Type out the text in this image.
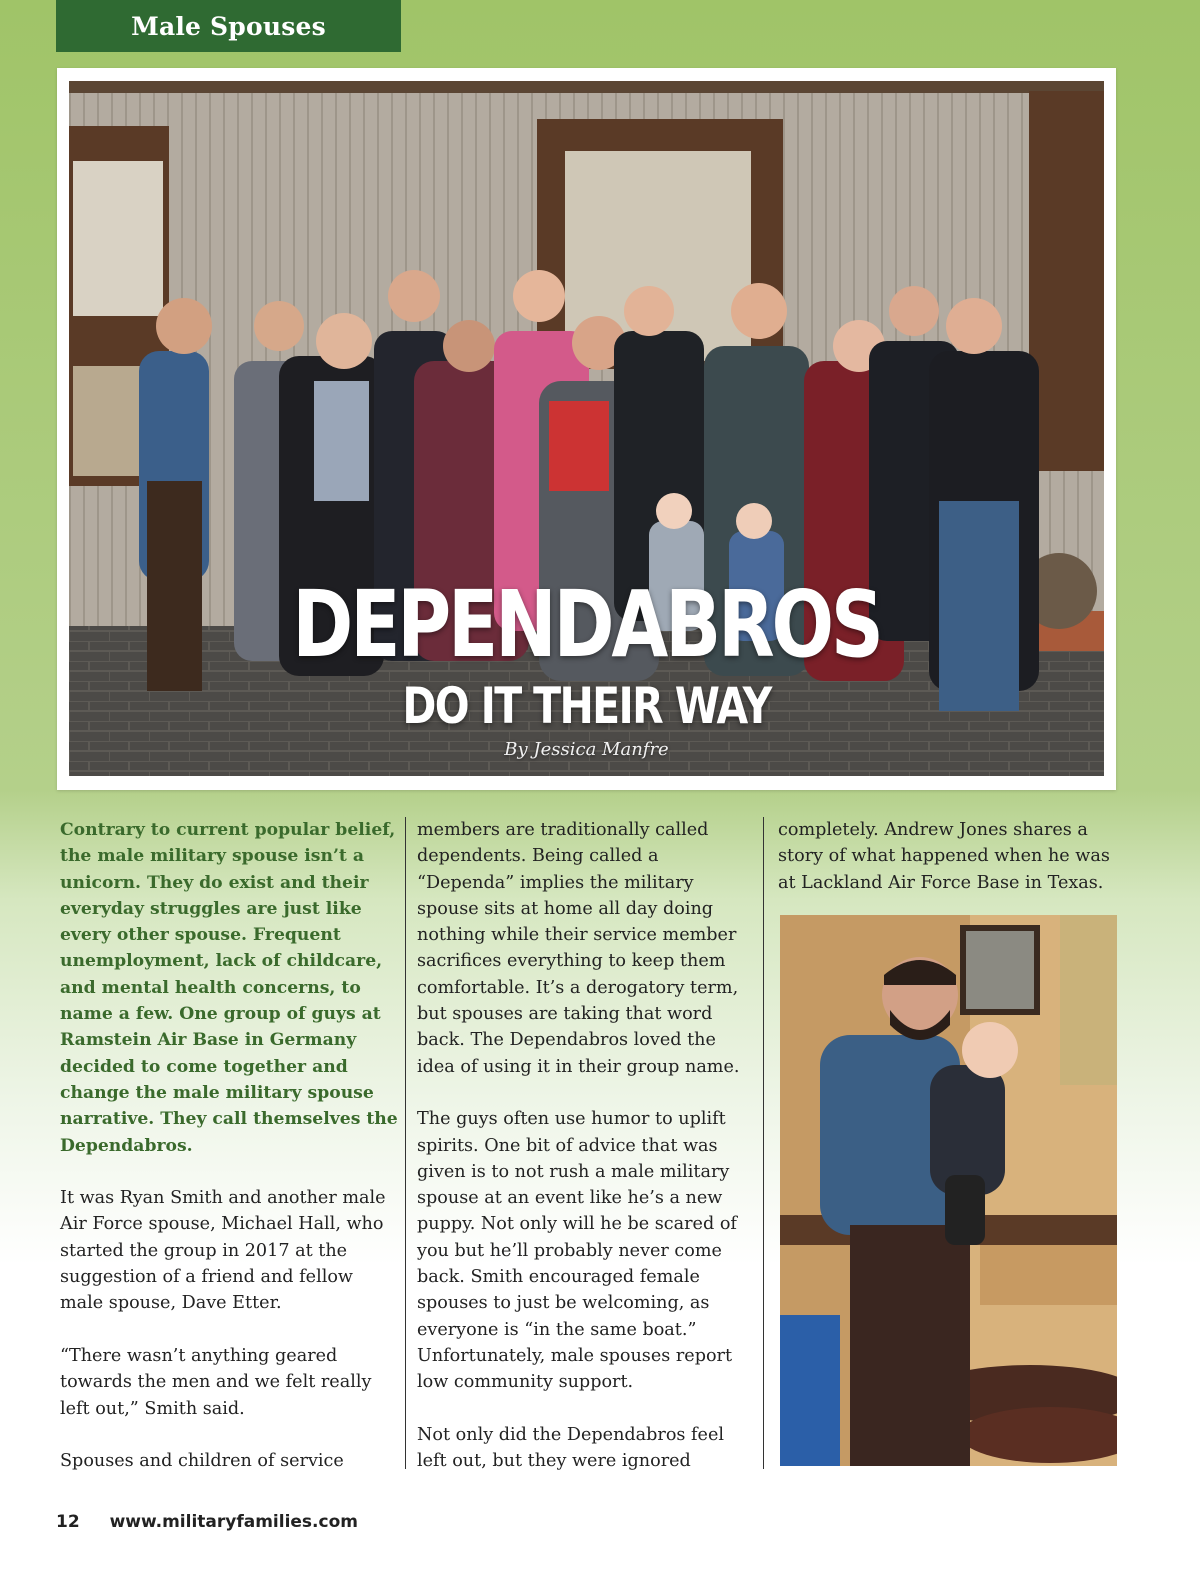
Male Spouses
DEPENDABROS
DO IT THEIR WAY
By Jessica Manfre

Contrary to current popular belief, the male military spouse isn’t a unicorn. They do exist and their everyday struggles are just like every other spouse. Frequent unemployment, lack of childcare, and mental health concerns, to name a few. One group of guys at Ramstein Air Base in Germany decided to come together and change the male military spouse narrative. They call themselves the Dependabros.

It was Ryan Smith and another male Air Force spouse, Michael Hall, who started the group in 2017 at the suggestion of a friend and fellow male spouse, Dave Etter.

“There wasn’t anything geared towards the men and we felt really left out,” Smith said.

Spouses and children of service

members are traditionally called dependents. Being called a “Dependa” implies the military spouse sits at home all day doing nothing while their service member sacrifices everything to keep them comfortable. It’s a derogatory term, but spouses are taking that word back. The Dependabros loved the idea of using it in their group name.

The guys often use humor to uplift spirits. One bit of advice that was given is to not rush a male military spouse at an event like he’s a new puppy. Not only will he be scared of you but he’ll probably never come back. Smith encouraged female spouses to just be welcoming, as everyone is “in the same boat.” Unfortunately, male spouses report low community support.

Not only did the Dependabros feel left out, but they were ignored

completely. Andrew Jones shares a story of what happened when he was at Lackland Air Force Base in Texas.

12 www.militaryfamilies.com
